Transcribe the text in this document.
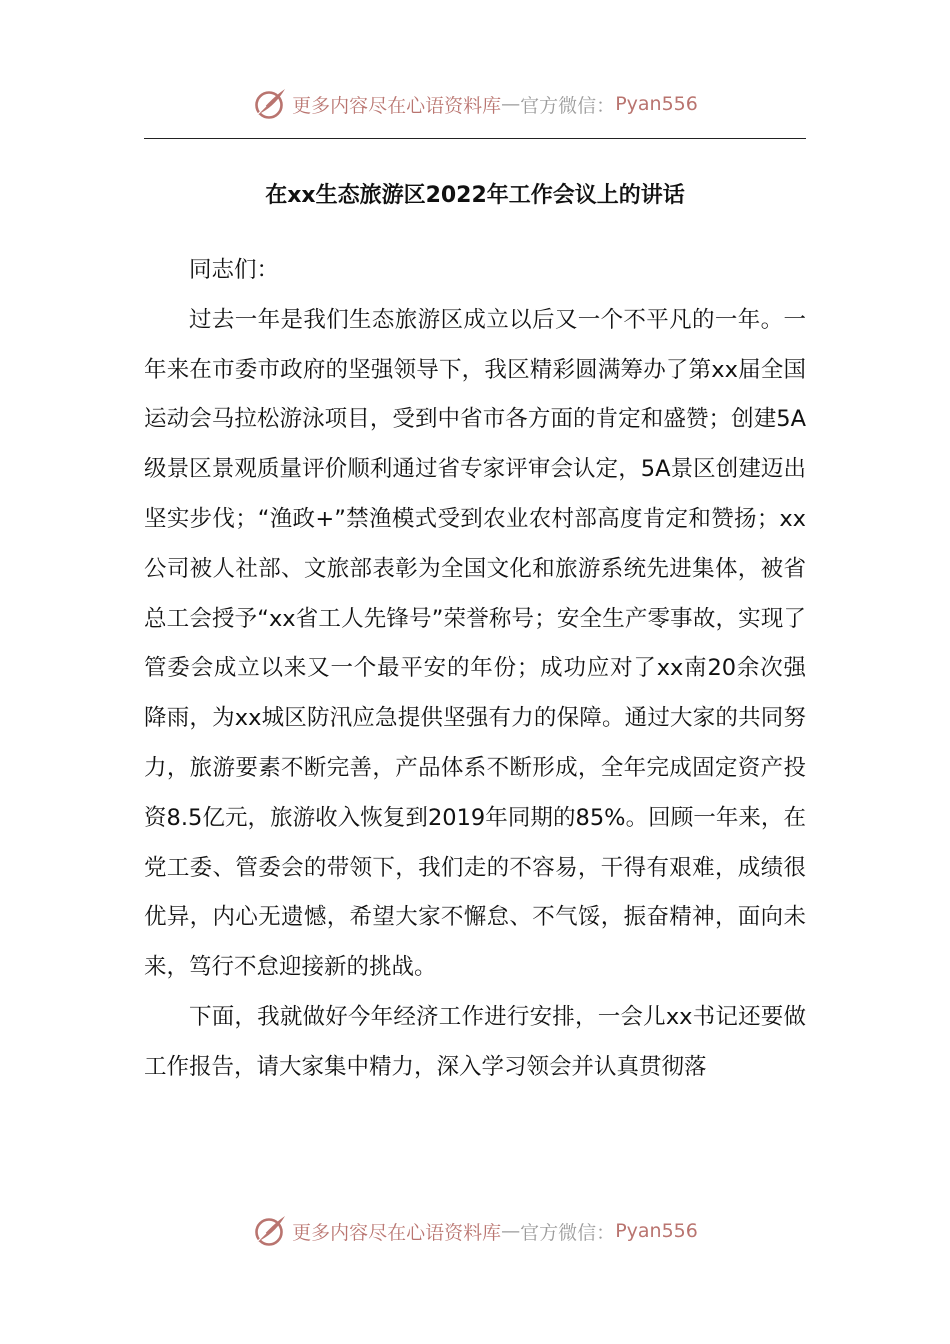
更多内容尽在心语资料库 — 官方微信： Pyan556
在xx生态旅游区2022年工作会议上的讲话

同志们：

过去一年是我们生态旅游区成立以后又一个不平凡的一年。一年来在市委市政府的坚强领导下，我区精彩圆满筹办了第xx届全国运动会马拉松游泳项目，受到中省市各方面的肯定和盛赞；创建5A级景区景观质量评价顺利通过省专家评审会认定，5A景区创建迈出坚实步伐；“渔政+”禁渔模式受到农业农村部高度肯定和赞扬；xx公司被人社部、文旅部表彰为全国文化和旅游系统先进集体，被省总工会授予“xx省工人先锋号”荣誉称号；安全生产零事故，实现了管委会成立以来又一个最平安的年份；成功应对了xx南20余次强降雨，为xx城区防汛应急提供坚强有力的保障。通过大家的共同努力，旅游要素不断完善，产品体系不断形成，全年完成固定资产投资8.5亿元，旅游收入恢复到2019年同期的85%。回顾一年来，在党工委、管委会的带领下，我们走的不容易，干得有艰难，成绩很优异，内心无遗憾，希望大家不懈怠、不气馁，振奋精神，面向未来，笃行不怠迎接新的挑战。

下面，我就做好今年经济工作进行安排，一会儿xx书记还要做工作报告，请大家集中精力，深入学习领会并认真贯彻落

更多内容尽在心语资料库 — 官方微信： Pyan556
